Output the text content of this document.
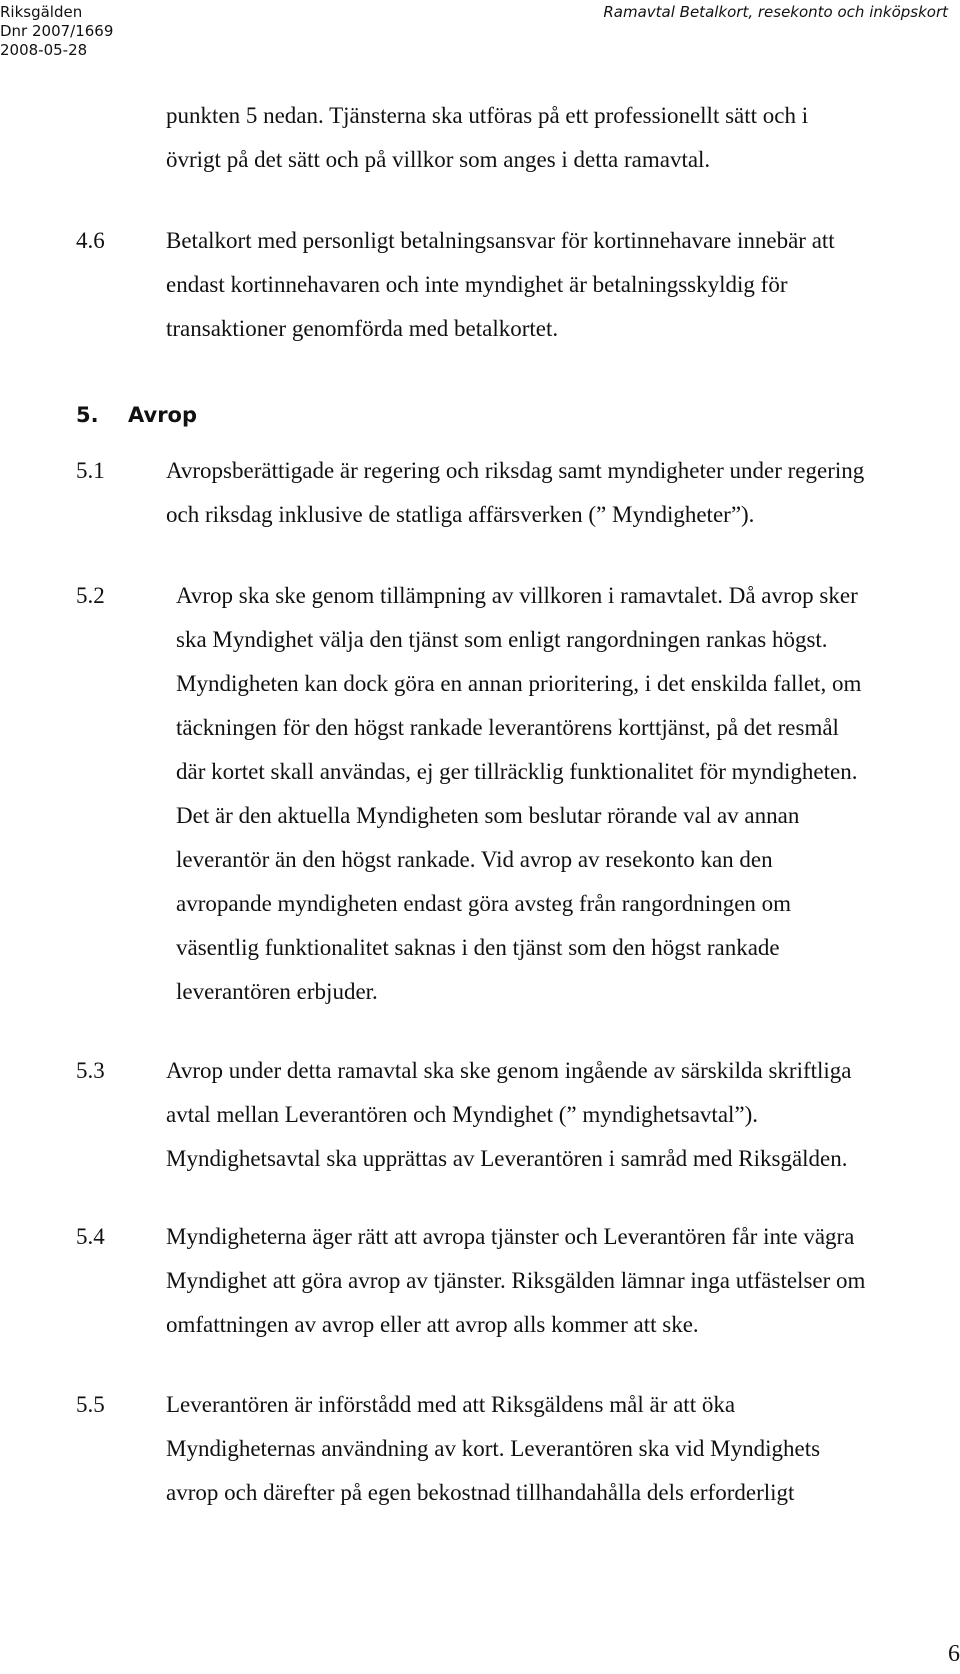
Riksgälden
Dnr 2007/1669
2008-05-28
Ramavtal Betalkort, resekonto och inköpskort
punkten 5 nedan. Tjänsterna ska utföras på ett professionellt sätt och i
övrigt på det sätt och på villkor som anges i detta ramavtal.
4.6	Betalkort med personligt betalningsansvar för kortinnehavare innebär att
endast kortinnehavaren och inte myndighet är betalningsskyldig för
transaktioner genomförda med betalkortet.
5. Avrop
5.1	Avropsberättigade är regering och riksdag samt myndigheter under regering
och riksdag inklusive de statliga affärsverken (” Myndigheter”).
5.2	Avrop ska ske genom tillämpning av villkoren i ramavtalet. Då avrop sker
ska Myndighet välja den tjänst som enligt rangordningen rankas högst.
Myndigheten kan dock göra en annan prioritering, i det enskilda fallet, om
täckningen för den högst rankade leverantörens korttjänst, på det resmål
där kortet skall användas, ej ger tillräcklig funktionalitet för myndigheten.
Det är den aktuella Myndigheten som beslutar rörande val av annan
leverantör än den högst rankade. Vid avrop av resekonto kan den
avropande myndigheten endast göra avsteg från rangordningen om
väsentlig funktionalitet saknas i den tjänst som den högst rankade
leverantören erbjuder.
5.3	Avrop under detta ramavtal ska ske genom ingående av särskilda skriftliga
avtal mellan Leverantören och Myndighet (” myndighetsavtal”).
Myndighetsavtal ska upprättas av Leverantören i samråd med Riksgälden.
5.4	Myndigheterna äger rätt att avropa tjänster och Leverantören får inte vägra
Myndighet att göra avrop av tjänster. Riksgälden lämnar inga utfästelser om
omfattningen av avrop eller att avrop alls kommer att ske.
5.5	Leverantören är införstådd med att Riksgäldens mål är att öka
Myndigheternas användning av kort. Leverantören ska vid Myndighets
avrop och därefter på egen bekostnad tillhandahålla dels erforderligt
6
